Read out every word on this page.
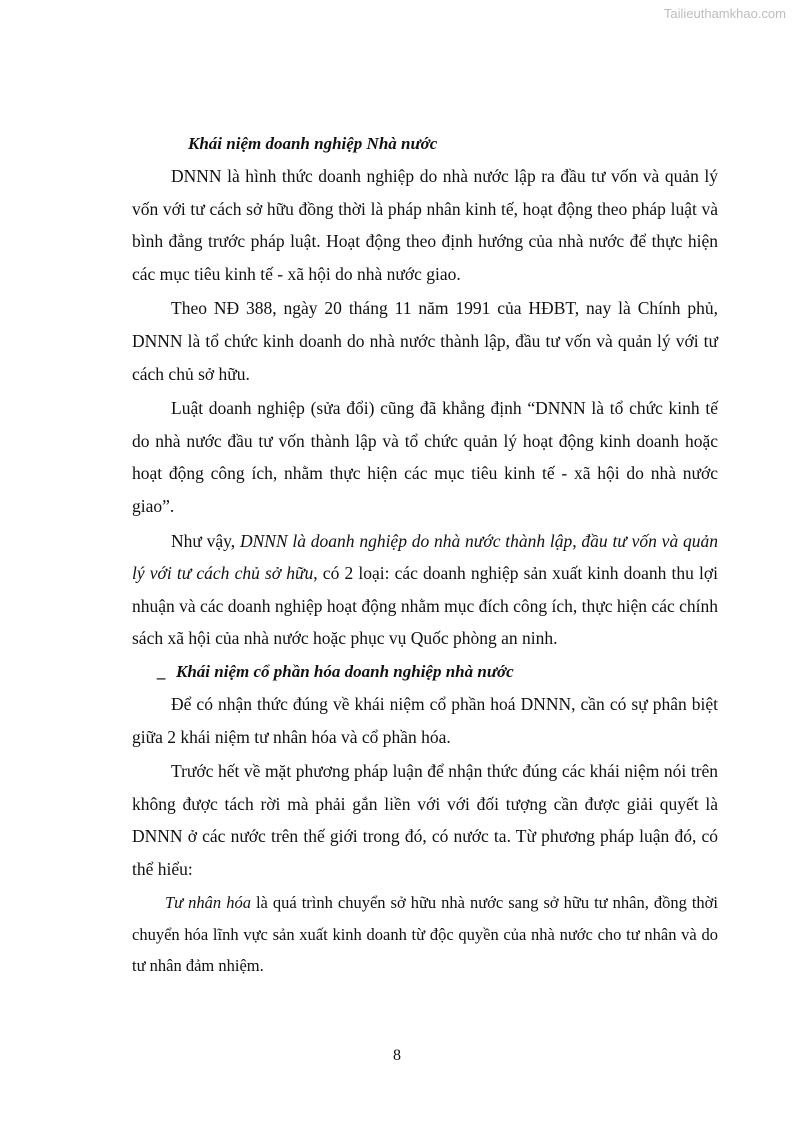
Tailieuthamkhao.com
Khái niệm doanh nghiệp Nhà nước

DNNN là hình thức doanh nghiệp do nhà nước lập ra đầu tư vốn và quản lý vốn với tư cách sở hữu đồng thời là pháp nhân kinh tế, hoạt động theo pháp luật và bình đẳng trước pháp luật. Hoạt động theo định hướng của nhà nước để thực hiện các mục tiêu kinh tế - xã hội do nhà nước giao.

Theo NĐ 388, ngày 20 tháng 11 năm 1991 của HĐBT, nay là Chính phủ, DNNN là tổ chức kinh doanh do nhà nước thành lập, đầu tư vốn và quản lý với tư cách chủ sở hữu.

Luật doanh nghiệp (sửa đổi) cũng đã khẳng định “DNNN là tổ chức kinh tế do nhà nước đầu tư vốn thành lập và tổ chức quản lý hoạt động kinh doanh hoặc hoạt động công ích, nhằm thực hiện các mục tiêu kinh tế - xã hội do nhà nước giao”.

Như vậy, DNNN là doanh nghiệp do nhà nước thành lập, đầu tư vốn và quản lý với tư cách chủ sở hữu, có 2 loại: các doanh nghiệp sản xuất kinh doanh thu lợi nhuận và các doanh nghiệp hoạt động nhằm mục đích công ích, thực hiện các chính sách xã hội của nhà nước hoặc phục vụ Quốc phòng an ninh.

_ Khái niệm cổ phần hóa doanh nghiệp nhà nước

Để có nhận thức đúng về khái niệm cổ phần hoá DNNN, cần có sự phân biệt giữa 2 khái niệm tư nhân hóa và cổ phần hóa.

Trước hết về mặt phương pháp luận để nhận thức đúng các khái niệm nói trên không được tách rời mà phải gắn liền với với đối tượng cần được giải quyết là DNNN ở các nước trên thế giới trong đó, có nước ta. Từ phương pháp luận đó, có thể hiểu:

Tư nhân hóa là quá trình chuyển sở hữu nhà nước sang sở hữu tư nhân, đồng thời chuyển hóa lĩnh vực sản xuất kinh doanh từ độc quyền của nhà nước cho tư nhân và do tư nhân đảm nhiệm.

8
